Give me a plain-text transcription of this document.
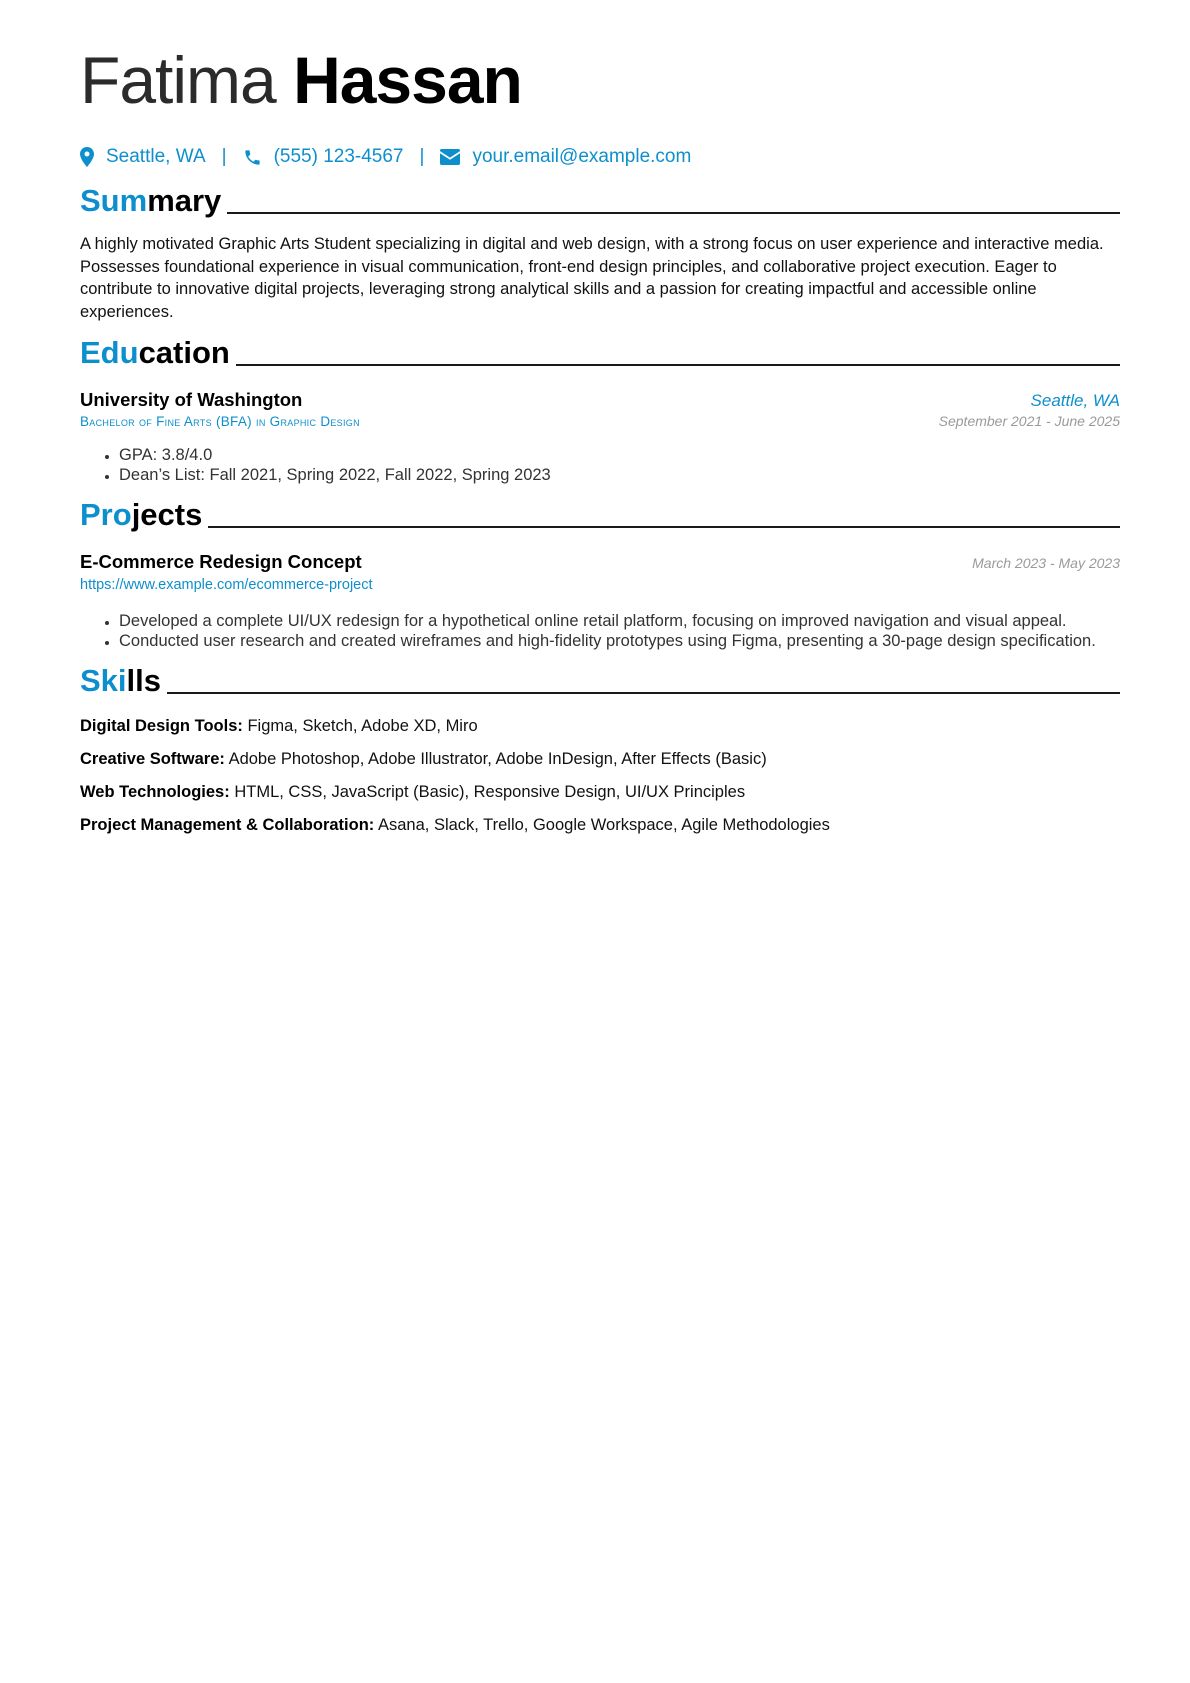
Fatima Hassan
Seattle, WA | (555) 123-4567 |	your.email@example.com
Summary

A highly motivated Graphic Arts Student specializing in digital and web design, with a strong focus on user experience and interactive media. Possesses foundational experience in visual communication, front-end design principles, and collaborative project execution. Eager to contribute to innovative digital projects, leveraging strong analytical skills and a passion for creating impactful and accessible online experiences.

Education
University of Washington	Seattle, WA
Bachelor of Fine Arts (BFA) in Graphic Design	September 2021 - June 2025
• GPA: 3.8/4.0
• Dean’s List: Fall 2021, Spring 2022, Fall 2022, Spring 2023
Projects
E-Commerce Redesign Concept	March 2023 - May 2023
https://www.example.com/ecommerce-project
• Developed a complete UI/UX redesign for a hypothetical online retail platform, focusing on improved navigation and visual appeal.
• Conducted user research and created wireframes and high-fidelity prototypes using Figma, presenting a 30-page design specification.
Skills
Digital Design Tools: Figma, Sketch, Adobe XD, Miro
Creative Software: Adobe Photoshop, Adobe Illustrator, Adobe InDesign, After Effects (Basic)
Web Technologies: HTML, CSS, JavaScript (Basic), Responsive Design, UI/UX Principles
Project Management & Collaboration: Asana, Slack, Trello, Google Workspace, Agile Methodologies
